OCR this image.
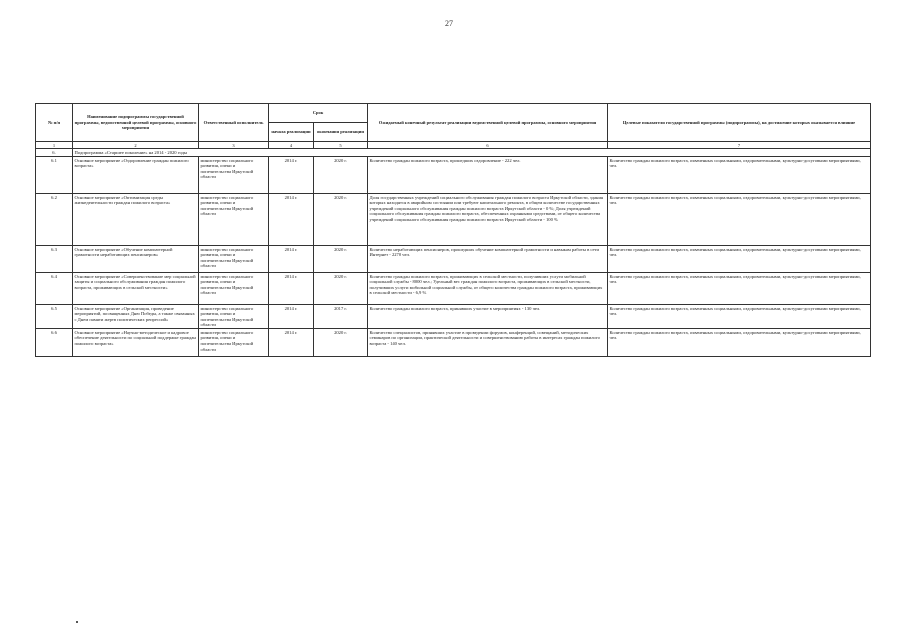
27
№ п/п	Наименование подпрограммы государственной программы, ведомственной целевой программы, основного мероприятия	Ответственный исполнитель	Срок		Ожидаемый конечный результат реализации ведомственной целевой программы, основного мероприятия	Целевые показатели государственной программы (подпрограммы), на достижение которых оказывается влияние
			начала реализации	окончания реализации		
1	2	3	4	5	6	7
6.	Подпрограмма «Старшее поколение» на 2014 - 2020 годы					
6.1	Основное мероприятие «Оздоровление граждан пожилого возраста»	министерство социального развития, опеки и попечительства Иркутской области	2014 г.	2020 г.	Количество граждан пожилого возраста, прошедших оздоровление - 222 чел.	Количество граждан пожилого возраста, охваченных социальными, оздоровительными, культурно-досуговыми мероприятиями, чел.
6.2	Основное мероприятие «Оптимизация среды жизнедеятельности граждан пожилого возраста»	министерство социального развития, опеки и попечительства Иркутской области	2014 г.	2020 г.	Доля государственных учреждений социального обслуживания граждан пожилого возраста Иркутской области, здания которых находятся в аварийном состоянии или требуют капитального ремонта, в общем количестве государственных учреждений социального обслуживания граждан пожилого возраста Иркутской области - 0 %; Доля учреждений социального обслуживания граждан пожилого возраста, обеспеченных охранными средствами, от общего количества учреждений социального обслуживания граждан пожилого возраста Иркутской области - 100 %	Количество граждан пожилого возраста, охваченных социальными, оздоровительными, культурно-досуговыми мероприятиями, чел.
6.3	Основное мероприятие «Обучение компьютерной грамотности неработающих пенсионеров»	министерство социального развития, опеки и попечительства Иркутской области	2014 г.	2020 г.	Количество неработающих пенсионеров, прошедших обучение компьютерной грамотности и навыкам работы в сети Интернет - 2270 чел.	Количество граждан пожилого возраста, охваченных социальными, оздоровительными, культурно-досуговыми мероприятиями, чел.
6.4	Основное мероприятие «Совершенствование мер социальной защиты и социального обслуживания граждан пожилого возраста, проживающих в сельской местности»	министерство социального развития, опеки и попечительства Иркутской области	2014 г.	2020 г.	Количество граждан пожилого возраста, проживающих в сельской местности, получивших услуги мобильной социальной службы - 8000 чел.; Удельный вес граждан пожилого возраста, проживающих в сельской местности, получивших услуги мобильной социальной службы, от общего количества граждан пожилого возраста, проживающих в сельской местности - 6,9 %	Количество граждан пожилого возраста, охваченных социальными, оздоровительными, культурно-досуговыми мероприятиями, чел.
6.5	Основное мероприятие «Организация, проведение мероприятий, посвященных Дню Победы, а также связанных с Днем памяти жертв политических репрессий»	министерство социального развития, опеки и попечительства Иркутской области	2014 г.	2017 г.	Количество граждан пожилого возраста, принявших участие в мероприятиях - 130 чел.	Количество граждан пожилого возраста, охваченных социальными, оздоровительными, культурно-досуговыми мероприятиями, чел.
6.6	Основное мероприятие «Научно-методическое и кадровое обеспечение деятельности по социальной поддержке граждан пожилого возраста»	министерство социального развития, опеки и попечительства Иркутской области	2014 г.	2020 г.	Количество специалистов, принявших участие в проведении форумов, конференций, совещаний, методических семинаров по организации, практической деятельности и совершенствованию работы в интересах граждан пожилого возраста - 140 чел.	Количество граждан пожилого возраста, охваченных социальными, оздоровительными, культурно-досуговыми мероприятиями, чел.
